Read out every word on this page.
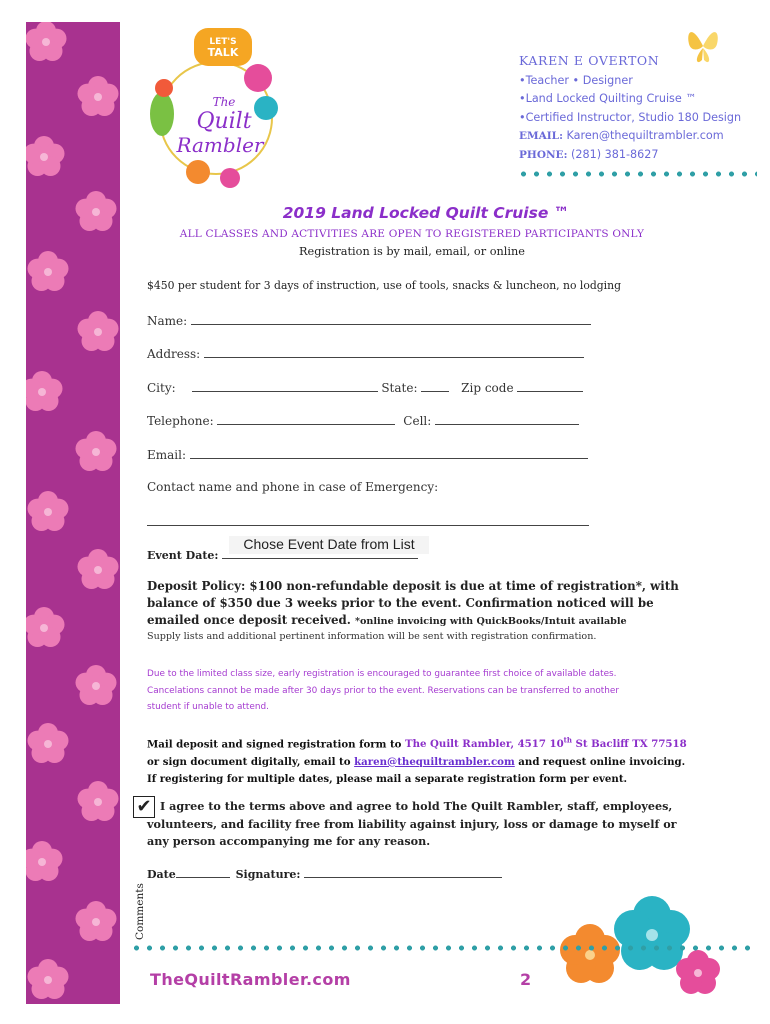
LET'S
TALK
The
Quilt
Rambler
KAREN E OVERTON
•Teacher • Designer
•Land Locked Quilting Cruise ™
•Certified Instructor, Studio 180 Design
EMAIL: Karen@thequiltrambler.com
PHONE: (281) 381-8627
2019 Land Locked Quilt Cruise ™
ALL CLASSES AND ACTIVITIES ARE OPEN TO REGISTERED PARTICIPANTS ONLY
Registration is by mail, email, or online
$450 per student for 3 days of instruction, use of tools, snacks & luncheon, no lodging
Name:
Address:
City:	State:	Zip code
Telephone:	Cell:
Email:
Contact name and phone in case of Emergency:
Event Date:
Chose Event Date from List
Deposit Policy: $100 non-refundable deposit is due at time of registration*, with balance of $350 due 3 weeks prior to the event. Confirmation noticed will be emailed once deposit received. *online invoicing with QuickBooks/Intuit available
Supply lists and additional pertinent information will be sent with registration confirmation.
Due to the limited class size, early registration is encouraged to guarantee first choice of available dates.
Cancelations cannot be made after 30 days prior to the event. Reservations can be transferred to another
student if unable to attend.
Mail deposit and signed registration form to The Quilt Rambler, 4517 10th St Bacliff TX 77518
or sign document digitally, email to karen@thequiltrambler.com and request online invoicing.
If registering for multiple dates, please mail a separate registration form per event.
✔ I agree to the terms above and agree to hold The Quilt Rambler, staff, employees, volunteers, and facility free from liability against injury, loss or damage to myself or any person accompanying me for any reason.
Date	Signature:
Comments
TheQuiltRambler.com	2
